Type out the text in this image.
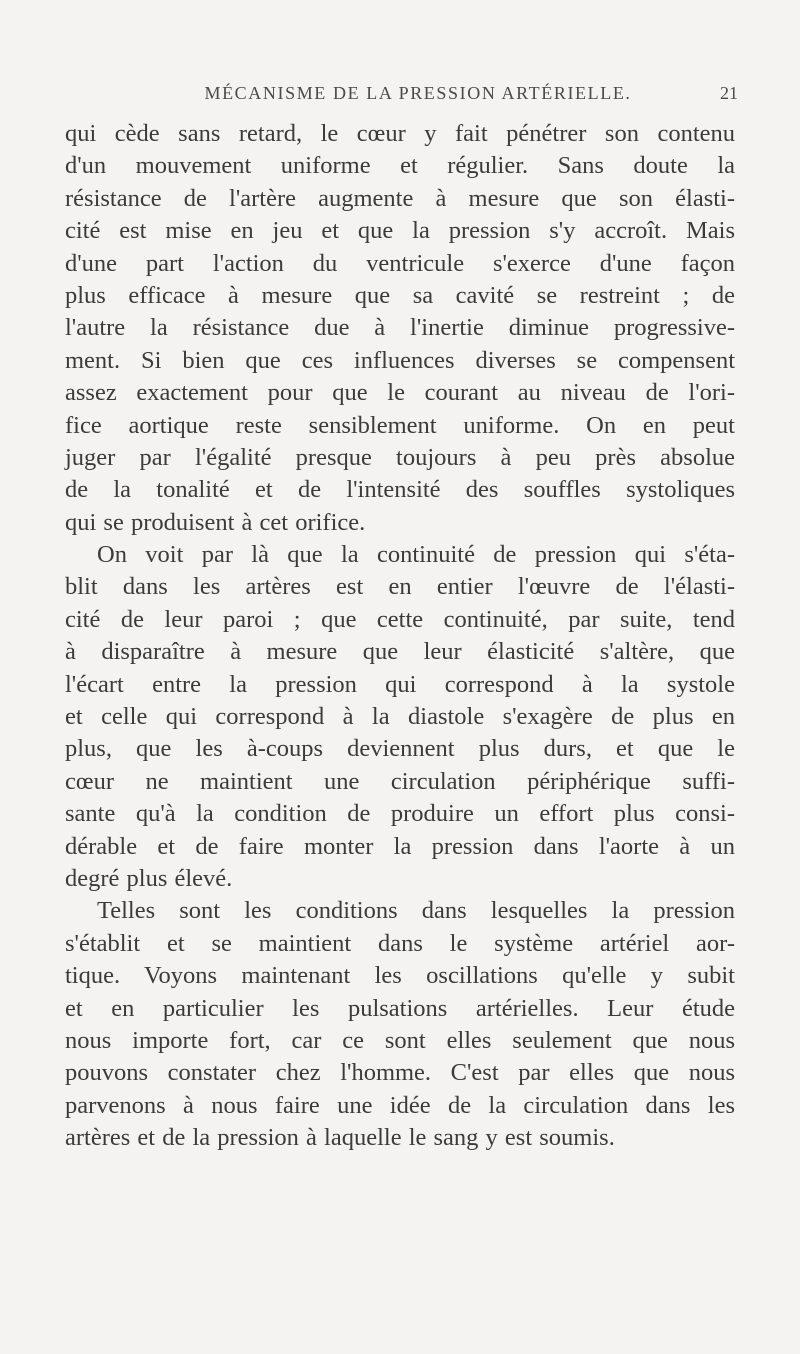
MÉCANISME DE LA PRESSION ARTÉRIELLE.	21
qui cède sans retard, le cœur y fait pénétrer son contenu
d'un mouvement uniforme et régulier. Sans doute la
résistance de l'artère augmente à mesure que son élasti-
cité est mise en jeu et que la pression s'y accroît. Mais
d'une part l'action du ventricule s'exerce d'une façon
plus efficace à mesure que sa cavité se restreint ; de
l'autre la résistance due à l'inertie diminue progressive-
ment. Si bien que ces influences diverses se compensent
assez exactement pour que le courant au niveau de l'ori-
fice aortique reste sensiblement uniforme. On en peut
juger par l'égalité presque toujours à peu près absolue
de la tonalité et de l'intensité des souffles systoliques
qui se produisent à cet orifice.
On voit par là que la continuité de pression qui s'éta-
blit dans les artères est en entier l'œuvre de l'élasti-
cité de leur paroi ; que cette continuité, par suite, tend
à disparaître à mesure que leur élasticité s'altère, que
l'écart entre la pression qui correspond à la systole
et celle qui correspond à la diastole s'exagère de plus en
plus, que les à-coups deviennent plus durs, et que le
cœur ne maintient une circulation périphérique suffi-
sante qu'à la condition de produire un effort plus consi-
dérable et de faire monter la pression dans l'aorte à un
degré plus élevé.
Telles sont les conditions dans lesquelles la pression
s'établit et se maintient dans le système artériel aor-
tique. Voyons maintenant les oscillations qu'elle y subit
et en particulier les pulsations artérielles. Leur étude
nous importe fort, car ce sont elles seulement que nous
pouvons constater chez l'homme. C'est par elles que nous
parvenons à nous faire une idée de la circulation dans les
artères et de la pression à laquelle le sang y est soumis.
